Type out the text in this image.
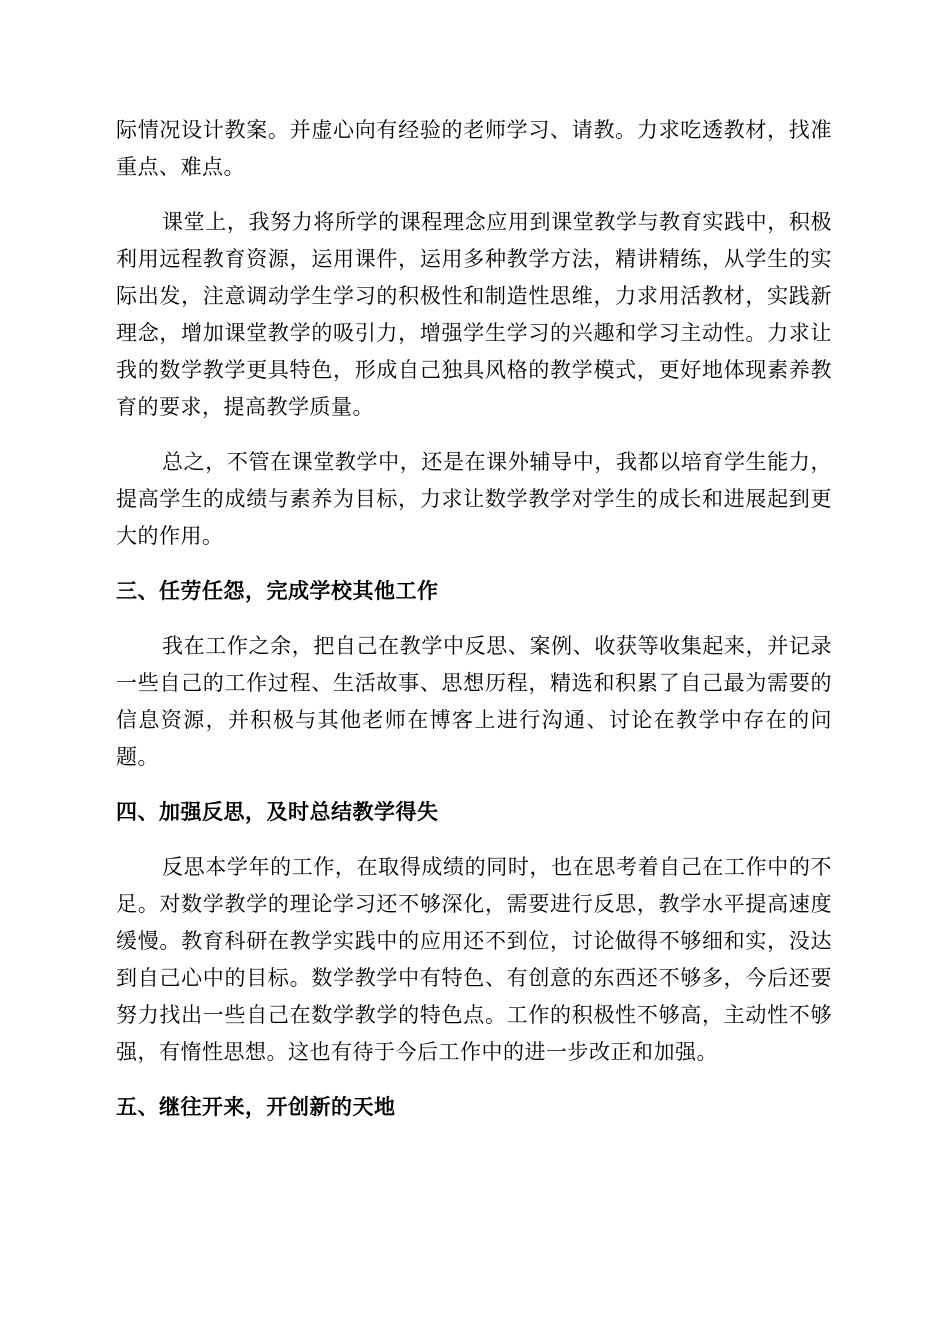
际情况设计教案。并虚心向有经验的老师学习、请教。力求吃透教材，找准重点、难点。

课堂上，我努力将所学的课程理念应用到课堂教学与教育实践中，积极利用远程教育资源，运用课件，运用多种教学方法，精讲精练，从学生的实际出发，注意调动学生学习的积极性和制造性思维，力求用活教材，实践新理念，增加课堂教学的吸引力，增强学生学习的兴趣和学习主动性。力求让我的数学教学更具特色，形成自己独具风格的教学模式，更好地体现素养教育的要求，提高教学质量。

总之，不管在课堂教学中，还是在课外辅导中，我都以培育学生能力，提高学生的成绩与素养为目标，力求让数学教学对学生的成长和进展起到更大的作用。

三、任劳任怨，完成学校其他工作

我在工作之余，把自己在教学中反思、案例、收获等收集起来，并记录一些自己的工作过程、生活故事、思想历程，精选和积累了自己最为需要的信息资源，并积极与其他老师在博客上进行沟通、讨论在教学中存在的问题。

四、加强反思，及时总结教学得失

反思本学年的工作，在取得成绩的同时，也在思考着自己在工作中的不足。对数学教学的理论学习还不够深化，需要进行反思，教学水平提高速度缓慢。教育科研在教学实践中的应用还不到位，讨论做得不够细和实，没达到自己心中的目标。数学教学中有特色、有创意的东西还不够多，今后还要努力找出一些自己在数学教学的特色点。工作的积极性不够高，主动性不够强，有惰性思想。这也有待于今后工作中的进一步改正和加强。

五、继往开来，开创新的天地
